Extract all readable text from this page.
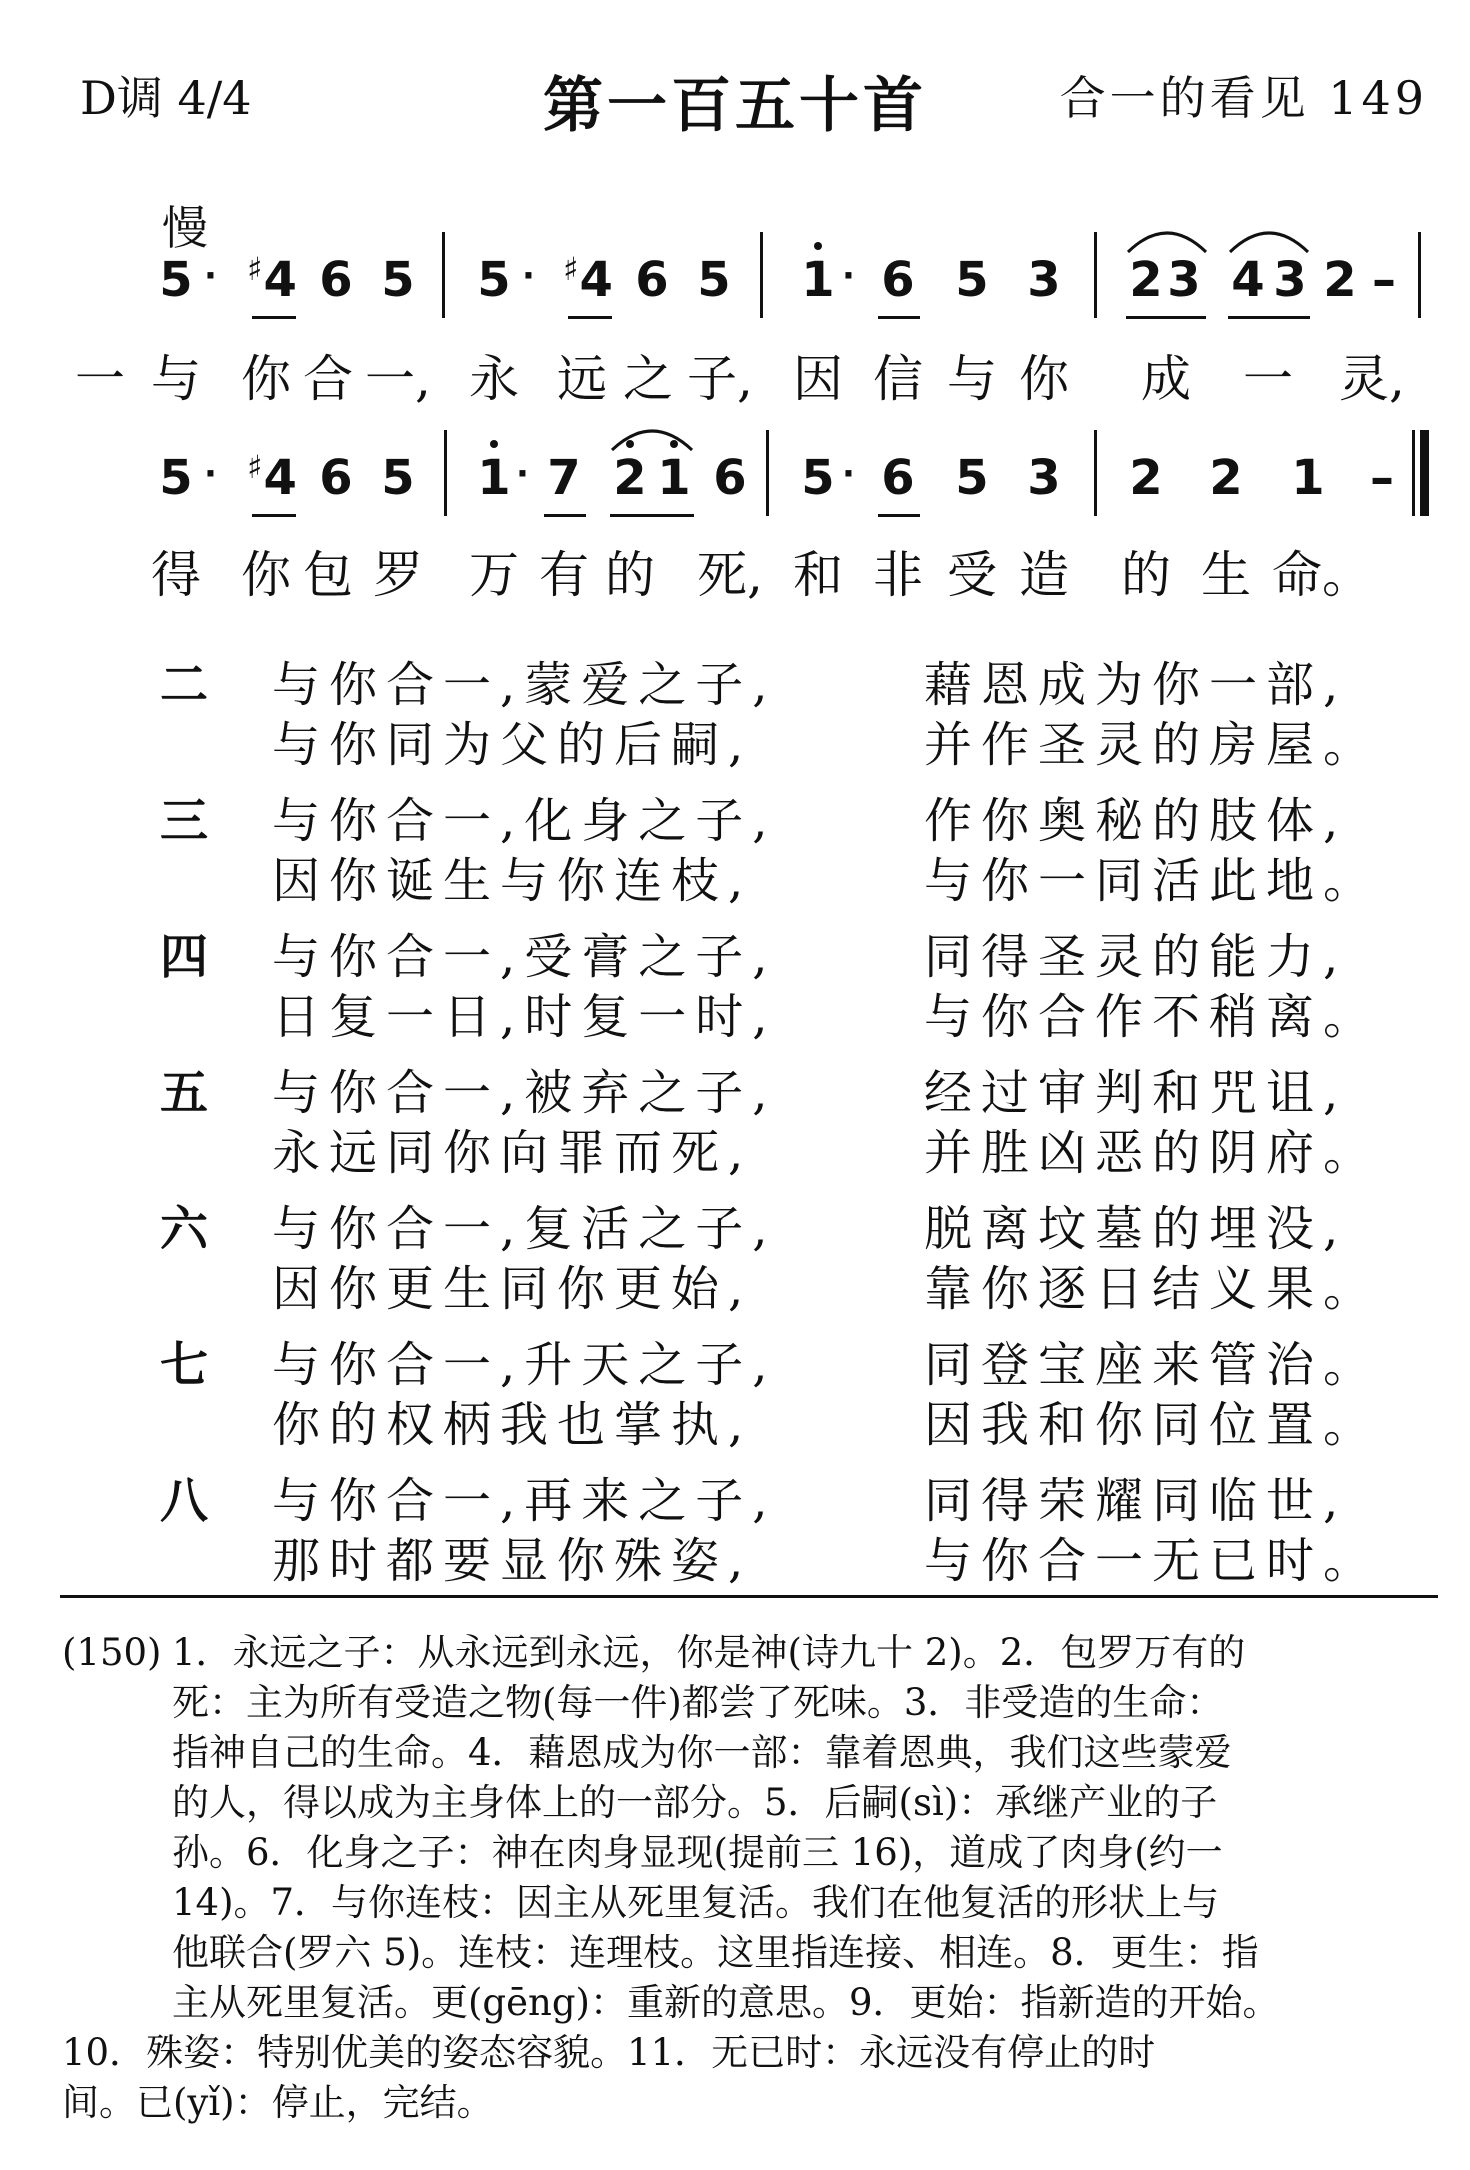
D调 4/4	第一百五十首	合一的看见 149
慢
5 · ♯4 6 5 5 · ♯4 6 5 1 · 6 5 3 2 3 4 3 2 –
一 与 你 合 一, 永 远 之 子, 因 信 与 你 成 一 灵,
5 · ♯4 6 5 1 · 7 2 1 6 5 · 6 5 3 2 2 1 –
得 你 包 罗 万 有 的 死, 和 非 受 造 的 生 命。
二 与你合一,蒙爱之子,	藉恩成为你一部,
与你同为父的后嗣,	并作圣灵的房屋。
三 与你合一,化身之子,	作你奥秘的肢体,
因你诞生与你连枝,	与你一同活此地。
四 与你合一,受膏之子,	同得圣灵的能力,
日复一日,时复一时,	与你合作不稍离。
五 与你合一,被弃之子,	经过审判和咒诅,
永远同你向罪而死,	并胜凶恶的阴府。
六 与你合一,复活之子,	脱离坟墓的埋没,
因你更生同你更始,	靠你逐日结义果。
七 与你合一,升天之子,	同登宝座来管治。
你的权柄我也掌执,	因我和你同位置。
八 与你合一,再来之子,	同得荣耀同临世,
那时都要显你殊姿,	与你合一无已时。
(150) 1．永远之子：从永远到永远，你是神(诗九十 2)。2．包罗万有的
死：主为所有受造之物(每一件)都尝了死味。3．非受造的生命：
指神自己的生命。4．藉恩成为你一部：靠着恩典，我们这些蒙爱
的人，得以成为主身体上的一部分。5．后嗣(sì)：承继产业的子
孙。6．化身之子：神在肉身显现(提前三 16)，道成了肉身(约一
14)。7．与你连枝：因主从死里复活。我们在他复活的形状上与
他联合(罗六 5)。连枝：连理枝。这里指连接、相连。8．更生：指
主从死里复活。更(gēng)：重新的意思。9．更始：指新造的开始。
10．殊姿：特别优美的姿态容貌。11．无已时：永远没有停止的时
间。已(yǐ)：停止，完结。
